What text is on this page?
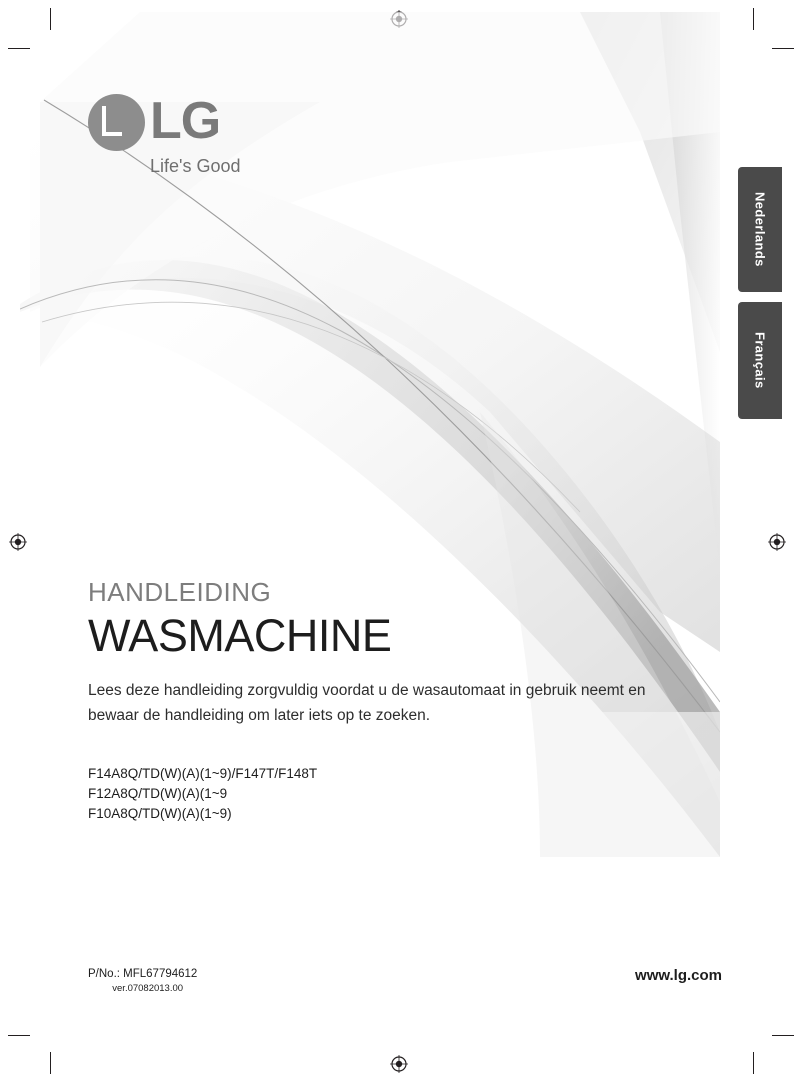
LG
Life's Good
Nederlands
Français

HANDLEIDING

WASMACHINE

Lees deze handleiding zorgvuldig voordat u de wasautomaat in gebruik neemt en bewaar de handleiding om later iets op te zoeken.

F14A8Q/TD(W)(A)(1~9)/F147T/F148T
F12A8Q/TD(W)(A)(1~9
F10A8Q/TD(W)(A)(1~9)
P/No.: MFL67794612
ver.07082013.00
www.lg.com
